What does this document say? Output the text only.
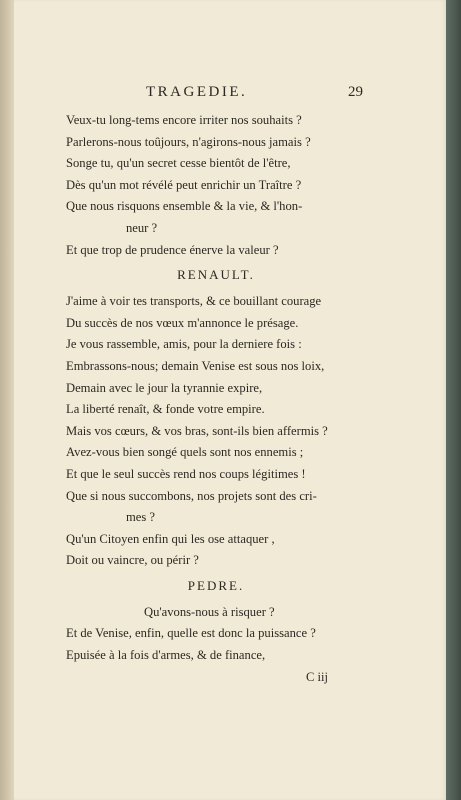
TRAGEDIE.	29
Veux-tu long-tems encore irriter nos souhaits ?
Parlerons-nous toûjours, n'agirons-nous jamais ?
Songe tu, qu'un secret cesse bientôt de l'être,
Dès qu'un mot révélé peut enrichir un Traître ?
Que nous risquons ensemble & la vie, & l'hon-
neur ?
Et que trop de prudence énerve la valeur ?
RENAULT.
J'aime à voir tes transports, & ce bouillant courage
Du succès de nos vœux m'annonce le présage.
Je vous rassemble, amis, pour la derniere fois :
Embrassons-nous; demain Venise est sous nos loix,
Demain avec le jour la tyrannie expire,
La liberté renaît, & fonde votre empire.
Mais vos cœurs, & vos bras, sont-ils bien affermis ?
Avez-vous bien songé quels sont nos ennemis ;
Et que le seul succès rend nos coups légitimes !
Que si nous succombons, nos projets sont des cri-
mes ?
Qu'un Citoyen enfin qui les ose attaquer ,
Doit ou vaincre, ou périr ?
PEDRE.
Qu'avons-nous à risquer ?
Et de Venise, enfin, quelle est donc la puissance ?
Epuisée à la fois d'armes, & de finance,
C iij
